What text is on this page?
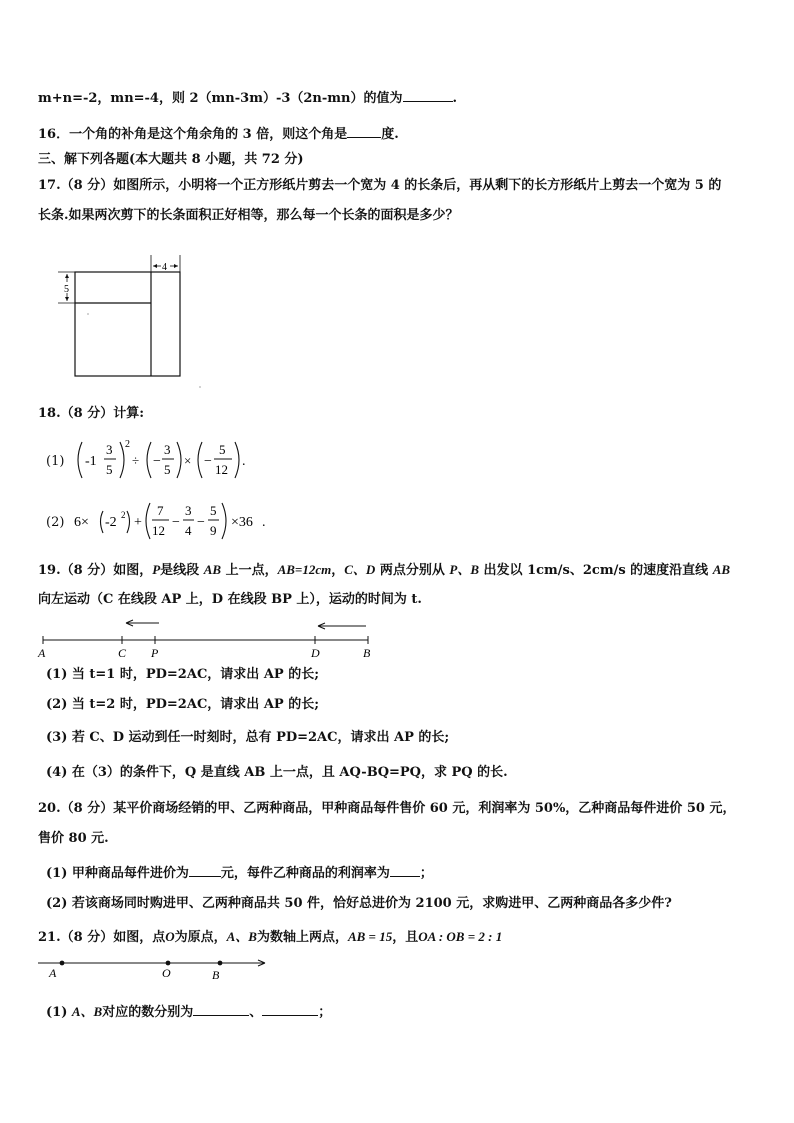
m+n=-2，mn=-4，则 2（mn-3m）-3（2n-mn）的值为	.
16．一个角的补角是这个角余角的 3 倍，则这个角是	度.
三、解下列各题(本大题共 8 小题，共 72 分)
17.（8 分）如图所示，小明将一个正方形纸片剪去一个宽为 4 的长条后，再从剩下的长方形纸片上剪去一个宽为 5 的
长条.如果两次剪下的长条面积正好相等，那么每一个长条的面积是多少？
4
5
18.（8 分）计算:
(1) -1
3
5
2
÷ −
3
5
× −
5
12
.
(2) 6× -2 2 +
7
12
−
3
4
−
5
9
×36 .
19.（8 分）如图，P是线段 AB 上一点，AB=12cm，C、D 两点分别从 P、B 出发以 1cm/s、2cm/s 的速度沿直线 AB
向左运动（C 在线段 AP 上，D 在线段 BP 上），运动的时间为 t.
A	C P	D	B
(1) 当 t=1 时，PD=2AC，请求出 AP 的长;
(2) 当 t=2 时，PD=2AC，请求出 AP 的长;
(3) 若 C、D 运动到任一时刻时，总有 PD=2AC，请求出 AP 的长;
(4) 在（3）的条件下，Q 是直线 AB 上一点，且 AQ-BQ=PQ，求 PQ 的长.
20.（8 分）某平价商场经销的甲、乙两种商品，甲种商品每件售价 60 元，利润率为 50%，乙种商品每件进价 50 元，
售价 80 元.
(1) 甲种商品每件进价为 元，每件乙种商品的利润率为 ；
(2) 若该商场同时购进甲、乙两种商品共 50 件，恰好总进价为 2100 元，求购进甲、乙两种商品各多少件?
21.（8 分）如图，点O为原点，A、B为数轴上两点，AB = 15，且OA : OB = 2 : 1
A	O	B
(1) A、B对应的数分别为	、	；
